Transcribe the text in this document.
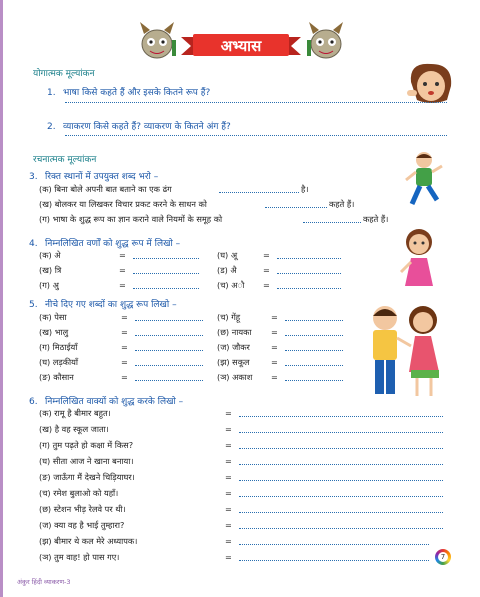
अभ्यास
योगात्मक मूल्यांकन
1. भाषा किसे कहते हैं और इसके कितने रूप हैं?
2. व्याकरण किसे कहते हैं? व्याकरण के कितने अंग हैं?
रचनात्मक मूल्यांकन
3. रिक्त स्थानों में उपयुक्त शब्द भरो –
(क) बिना बोले अपनी बात बताने का एक ढंग	है।
(ख) बोलकर या लिखकर विचार प्रकट करने के साधन को	कहते हैं।
(ग) भाषा के शुद्ध रूप का ज्ञान कराने वाले नियमों के समूह को	कहते हैं।
4. निम्नलिखित वर्णों को शुद्ध रूप में लिखो –
(क) अे	=	(घ) अू	=
(ख) त्रि	=	(ड) अै	=
(ग) अु	=	(च) अौ =
5. नीचे दिए गए शब्दों का शुद्ध रूप लिखो –
(क) पेसा	=	(च) गेंहू	=
(ख) भालु	=	(छ) नायका =
(ग) मिठाईयाँ	=	(ज) जौकर	=
(घ) लड़कीयाँ	=	(झ) सकूल	=
(ङ) कौसान	=	(ञ) अकाश =
6. निम्नलिखित वाक्यों को शुद्ध करके लिखो –
(क) रामू है बीमार बहुत।	=
(ख) है वह स्कूल जाता।	=
(ग) तुम पढ़ते हो कक्षा में किस?	=
(घ) सीता आज ने खाना बनाया।	=
(ङ) जाऊँगा मैं देखने चिड़ियाघर।	=
(च) रमेश बुलाओ को यहाँ।	=
(छ) स्टेशन भीड़ रेलवे पर थी।	=
(ज) क्या वह है भाई तुम्हारा?	=
(झ) बीमार थे कल मेरे अध्यापक।	=
(ञ) तुम वाह! हो पास गए।	=	7
अंकुर हिंदी व्याकरण-3
